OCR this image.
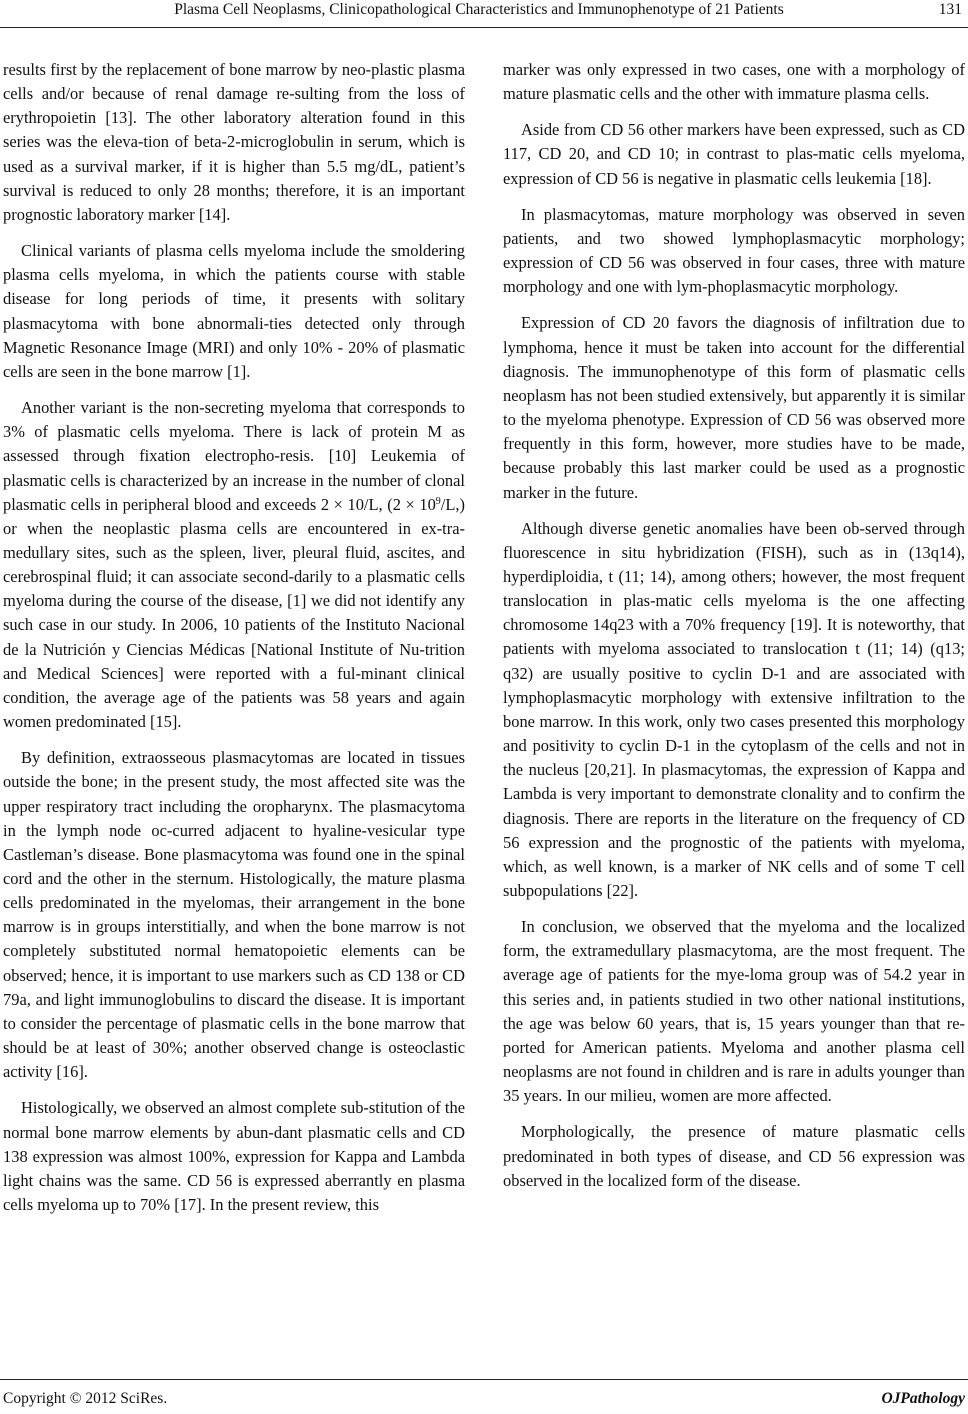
Plasma Cell Neoplasms, Clinicopathological Characteristics and Immunophenotype of 21 Patients	131

results first by the replacement of bone marrow by neo-plastic plasma cells and/or because of renal damage re-sulting from the loss of erythropoietin [13]. The other laboratory alteration found in this series was the eleva-tion of beta-2-microglobulin in serum, which is used as a survival marker, if it is higher than 5.5 mg/dL, patient’s survival is reduced to only 28 months; therefore, it is an important prognostic laboratory marker [14].

Clinical variants of plasma cells myeloma include the smoldering plasma cells myeloma, in which the patients course with stable disease for long periods of time, it presents with solitary plasmacytoma with bone abnormali-ties detected only through Magnetic Resonance Image (MRI) and only 10% - 20% of plasmatic cells are seen in the bone marrow [1].

Another variant is the non-secreting myeloma that corresponds to 3% of plasmatic cells myeloma. There is lack of protein M as assessed through fixation electropho-resis. [10] Leukemia of plasmatic cells is characterized by an increase in the number of clonal plasmatic cells in peripheral blood and exceeds 2 × 10/L, $(2 \times 10^9/L,)$ or when the neoplastic plasma cells are encountered in ex-tra-medullary sites, such as the spleen, liver, pleural fluid, ascites, and cerebrospinal fluid; it can associate second-darily to a plasmatic cells myeloma during the course of the disease, [1] we did not identify any such case in our study. In 2006, 10 patients of the Instituto Nacional de la Nutrición y Ciencias Médicas [National Institute of Nu-trition and Medical Sciences] were reported with a ful-minant clinical condition, the average age of the patients was 58 years and again women predominated [15].

By definition, extraosseous plasmacytomas are located in tissues outside the bone; in the present study, the most affected site was the upper respiratory tract including the oropharynx. The plasmacytoma in the lymph node oc-curred adjacent to hyaline-vesicular type Castleman’s disease. Bone plasmacytoma was found one in the spinal cord and the other in the sternum. Histologically, the mature plasma cells predominated in the myelomas, their arrangement in the bone marrow is in groups interstitially, and when the bone marrow is not completely substituted normal hematopoietic elements can be observed; hence, it is important to use markers such as CD 138 or CD 79a, and light immunoglobulins to discard the disease. It is important to consider the percentage of plasmatic cells in the bone marrow that should be at least of 30%; another observed change is osteoclastic activity [16].

Histologically, we observed an almost complete sub-stitution of the normal bone marrow elements by abun-dant plasmatic cells and CD 138 expression was almost 100%, expression for Kappa and Lambda light chains was the same. CD 56 is expressed aberrantly en plasma cells myeloma up to 70% [17]. In the present review, this

marker was only expressed in two cases, one with a morphology of mature plasmatic cells and the other with immature plasma cells.

Aside from CD 56 other markers have been expressed, such as CD 117, CD 20, and CD 10; in contrast to plas-matic cells myeloma, expression of CD 56 is negative in plasmatic cells leukemia [18].

In plasmacytomas, mature morphology was observed in seven patients, and two showed lymphoplasmacytic morphology; expression of CD 56 was observed in four cases, three with mature morphology and one with lym-phoplasmacytic morphology.

Expression of CD 20 favors the diagnosis of infiltration due to lymphoma, hence it must be taken into account for the differential diagnosis. The immunophenotype of this form of plasmatic cells neoplasm has not been studied extensively, but apparently it is similar to the myeloma phenotype. Expression of CD 56 was observed more frequently in this form, however, more studies have to be made, because probably this last marker could be used as a prognostic marker in the future.

Although diverse genetic anomalies have been ob-served through fluorescence in situ hybridization (FISH), such as in (13q14), hyperdiploidia, t (11; 14), among others; however, the most frequent translocation in plas-matic cells myeloma is the one affecting chromosome 14q23 with a 70% frequency [19]. It is noteworthy, that patients with myeloma associated to translocation t (11; 14) (q13; q32) are usually positive to cyclin D-1 and are associated with lymphoplasmacytic morphology with extensive infiltration to the bone marrow. In this work, only two cases presented this morphology and positivity to cyclin D-1 in the cytoplasm of the cells and not in the nucleus [20,21]. In plasmacytomas, the expression of Kappa and Lambda is very important to demonstrate clonality and to confirm the diagnosis. There are reports in the literature on the frequency of CD 56 expression and the prognostic of the patients with myeloma, which, as well known, is a marker of NK cells and of some T cell subpopulations [22].

In conclusion, we observed that the myeloma and the localized form, the extramedullary plasmacytoma, are the most frequent. The average age of patients for the mye-loma group was of 54.2 year in this series and, in patients studied in two other national institutions, the age was below 60 years, that is, 15 years younger than that re-ported for American patients. Myeloma and another plasma cell neoplasms are not found in children and is rare in adults younger than 35 years. In our milieu, women are more affected.

Morphologically, the presence of mature plasmatic cells predominated in both types of disease, and CD 56 expression was observed in the localized form of the disease.

Copyright © 2012 SciRes.	OJPathology
